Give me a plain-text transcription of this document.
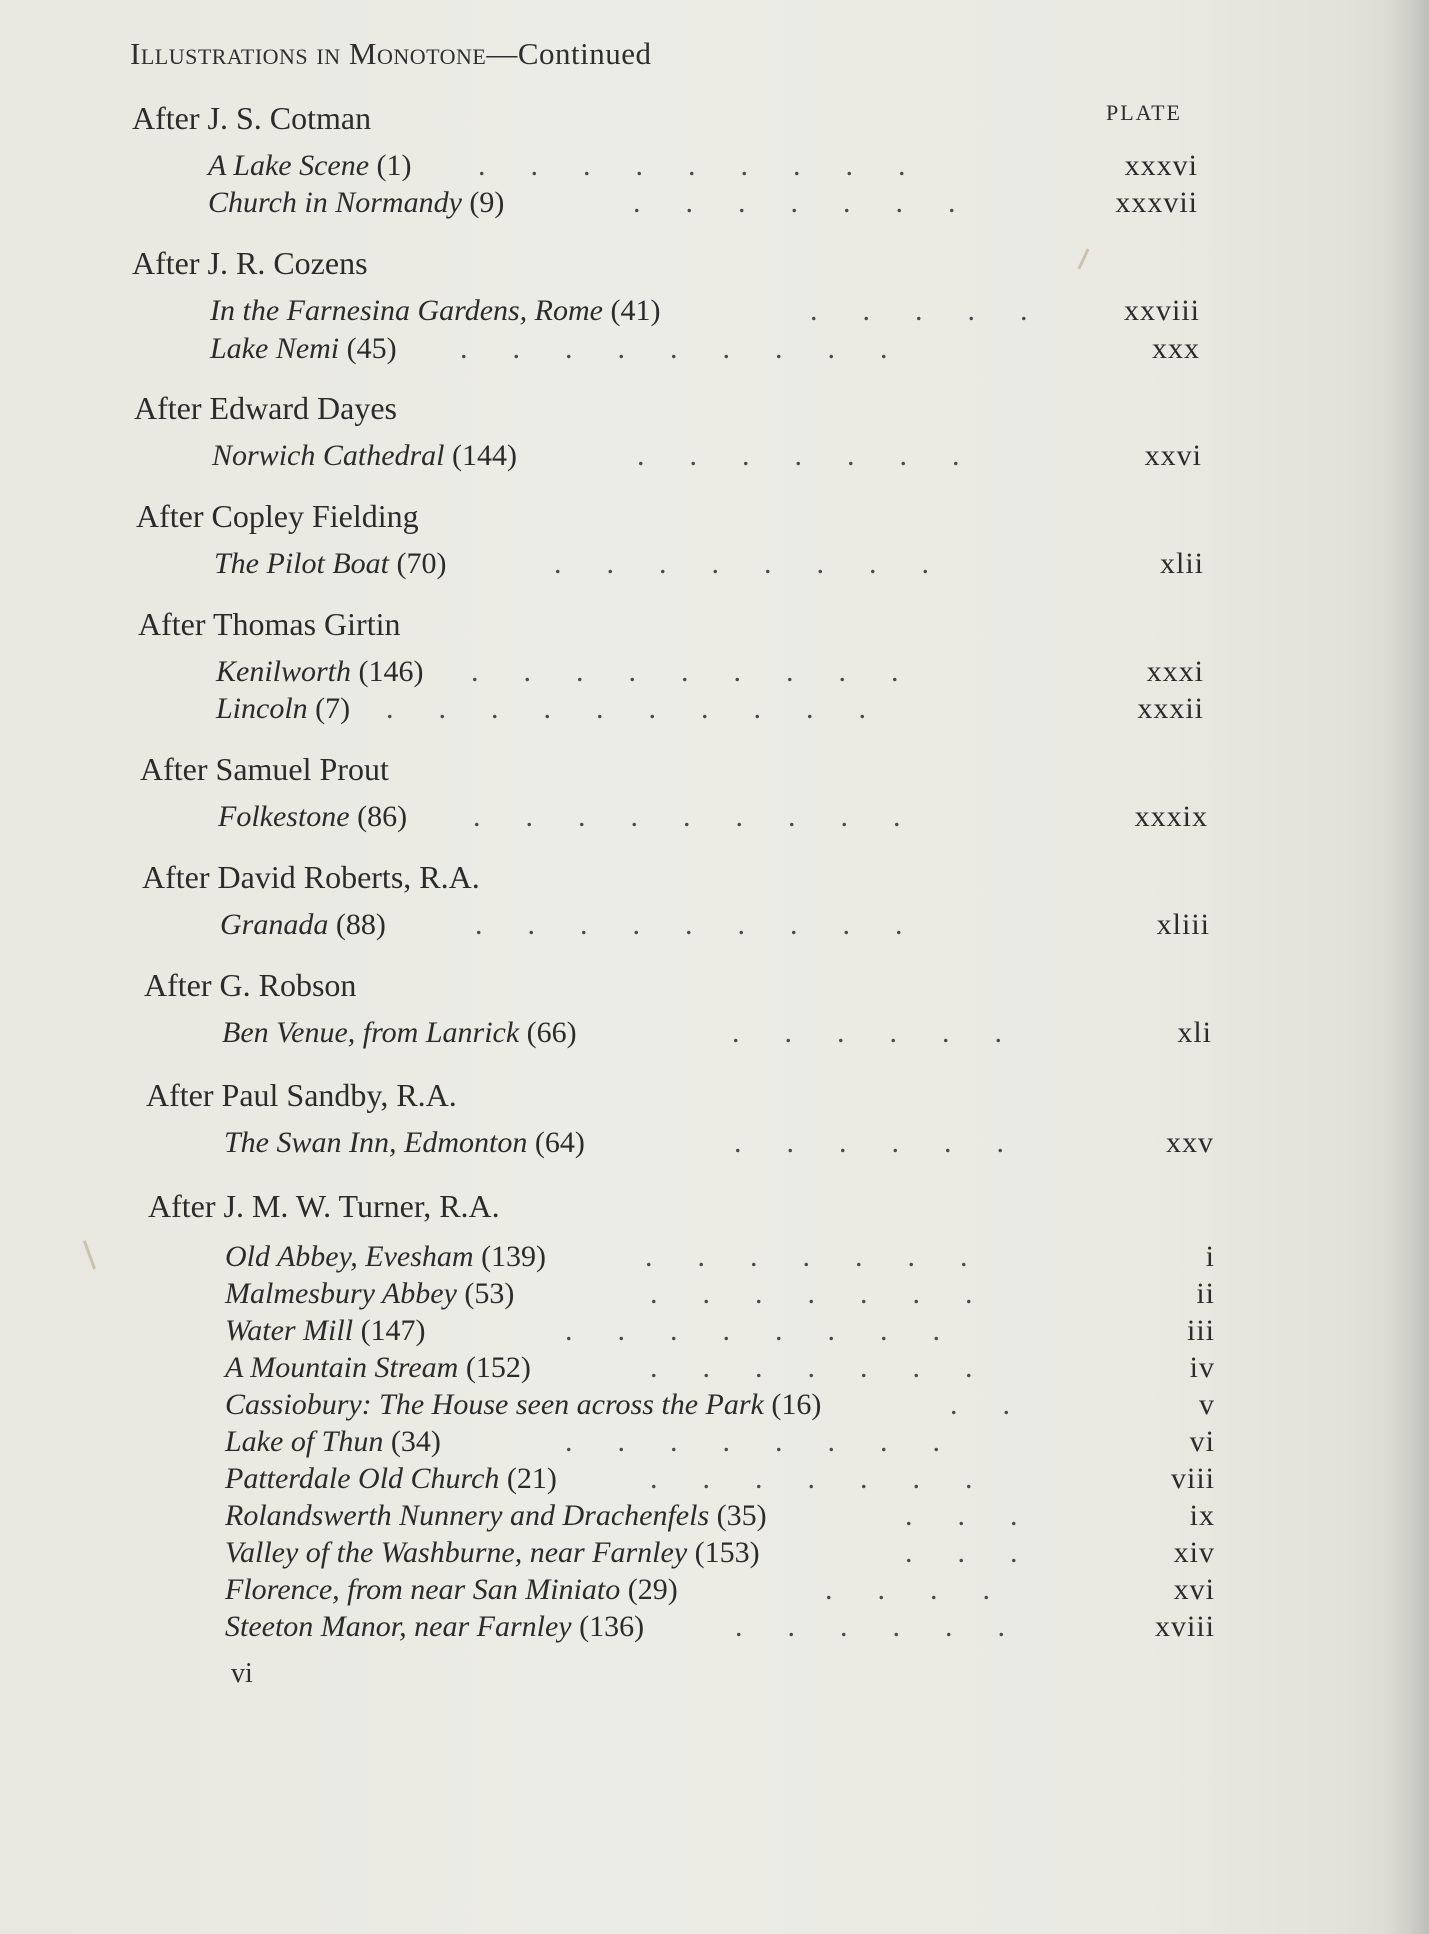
Illustrations in Monotone—Continued
PLATE
After J. S. Cotman
A Lake Scene (1) .      .      .      .      .      .      .      .      .	xxxvi
Church in Normandy (9)	.      .      .      .      .      .      .	xxxvii
After J. R. Cozens
In the Farnesina Gardens, Rome (41)	.      .      .      .      .	xxviii
Lake Nemi (45) .      .      .      .      .      .      .      .      .	xxx
After Edward Dayes
Norwich Cathedral (144)	.      .      .      .      .      .      .	xxvi
After Copley Fielding
The Pilot Boat (70)	.      .      .      .      .      .      .      .	xlii
After Thomas Girtin
Kenilworth (146) .      .      .      .      .      .      .      .      .	xxxi
Lincoln (7) .      .      .      .      .      .      .      .      .      .	xxxii
After Samuel Prout
Folkestone (86) .      .      .      .      .      .      .      .      .	xxxix
After David Roberts, R.A.
Granada (88)	.      .      .      .      .      .      .      .      .	xliii
After G. Robson
Ben Venue, from Lanrick (66)	.      .      .      .      .      .	xli
After Paul Sandby, R.A.
The Swan Inn, Edmonton (64)	.      .      .      .      .      .	xxv
After J. M. W. Turner, R.A.
Old Abbey, Evesham (139)	.      .      .      .      .      .      .	i
Malmesbury Abbey (53)	.      .      .      .      .      .      .	ii
Water Mill (147)	.      .      .      .      .      .      .      .	iii
A Mountain Stream (152)	.      .      .      .      .      .      .	iv
Cassiobury: The House seen across the Park (16)	.      .	v
Lake of Thun (34)	.      .      .      .      .      .      .      .	vi
Patterdale Old Church (21)	.      .      .      .      .      .      .	viii
Rolandswerth Nunnery and Drachenfels (35)	.      .      .	ix
Valley of the Washburne, near Farnley (153)	.      .      .	xiv
Florence, from near San Miniato (29)	.      .      .      .	xvi
Steeton Manor, near Farnley (136)	.      .      .      .      .      .	xviii
vi
